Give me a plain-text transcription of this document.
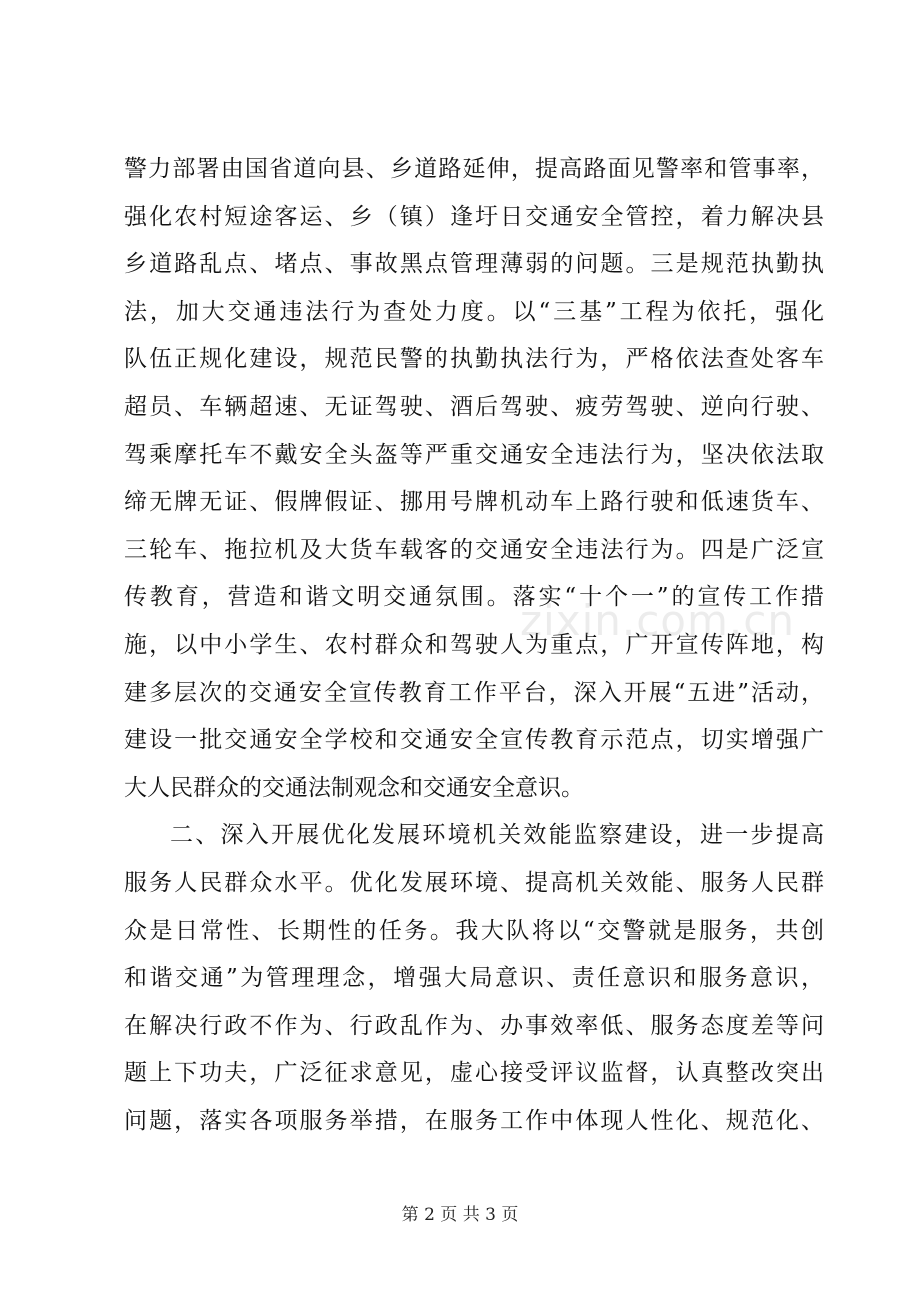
警力部署由国省道向县、乡道路延伸，提高路面见警率和管事率，
强化农村短途客运、乡（镇）逢圩日交通安全管控，着力解决县
乡道路乱点、堵点、事故黑点管理薄弱的问题。三是规范执勤执
法，加大交通违法行为查处力度。以“三基”工程为依托，强化
队伍正规化建设，规范民警的执勤执法行为，严格依法查处客车
超员、车辆超速、无证驾驶、酒后驾驶、疲劳驾驶、逆向行驶、
驾乘摩托车不戴安全头盔等严重交通安全违法行为，坚决依法取
缔无牌无证、假牌假证、挪用号牌机动车上路行驶和低速货车、
三轮车、拖拉机及大货车载客的交通安全违法行为。四是广泛宣
传教育，营造和谐文明交通氛围。落实“十个一”的宣传工作措
施，以中小学生、农村群众和驾驶人为重点，广开宣传阵地，构
建多层次的交通安全宣传教育工作平台，深入开展“五进”活动，
建设一批交通安全学校和交通安全宣传教育示范点，切实增强广
大人民群众的交通法制观念和交通安全意识。
二、深入开展优化发展环境机关效能监察建设，进一步提高
服务人民群众水平。优化发展环境、提高机关效能、服务人民群
众是日常性、长期性的任务。我大队将以“交警就是服务，共创
和谐交通”为管理理念，增强大局意识、责任意识和服务意识，
在解决行政不作为、行政乱作为、办事效率低、服务态度差等问
题上下功夫，广泛征求意见，虚心接受评议监督，认真整改突出
问题，落实各项服务举措，在服务工作中体现人性化、规范化、
zixin.com.cn
第 2 页 共 3 页
